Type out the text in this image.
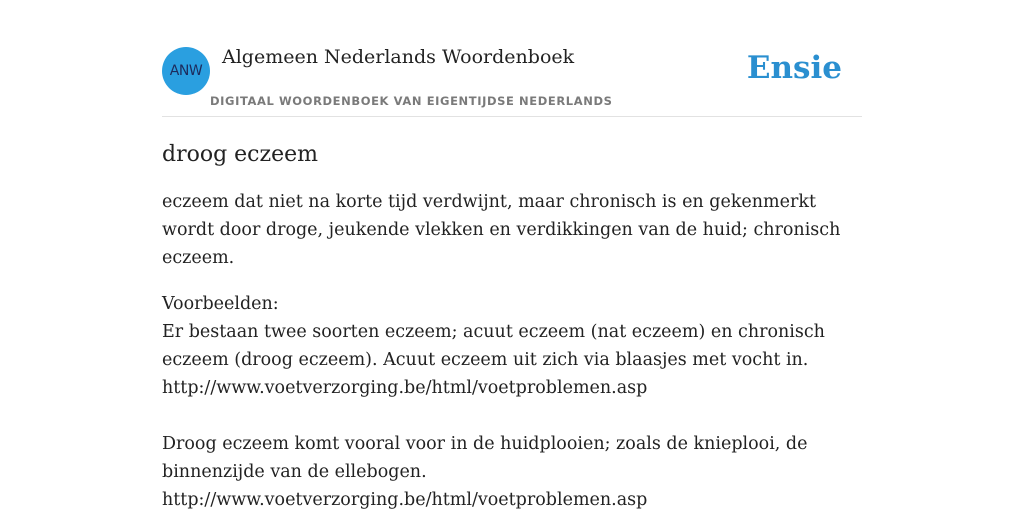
ANW
Algemeen Nederlands Woordenboek
DIGITAAL WOORDENBOEK VAN EIGENTIJDSE NEDERLANDS
Ensie
droog eczeem

eczeem dat niet na korte tijd verdwijnt, maar chronisch is en gekenmerkt wordt door droge, jeukende vlekken en verdikkingen van de huid; chronisch eczeem.

Voorbeelden:
Er bestaan twee soorten eczeem; acuut eczeem (nat eczeem) en chronisch eczeem (droog eczeem). Acuut eczeem uit zich via blaasjes met vocht in.
http://www.voetverzorging.be/html/voetproblemen.asp
Droog eczeem komt vooral voor in de huidplooien; zoals de knieplooi, de binnenzijde van de ellebogen.
http://www.voetverzorging.be/html/voetproblemen.asp
